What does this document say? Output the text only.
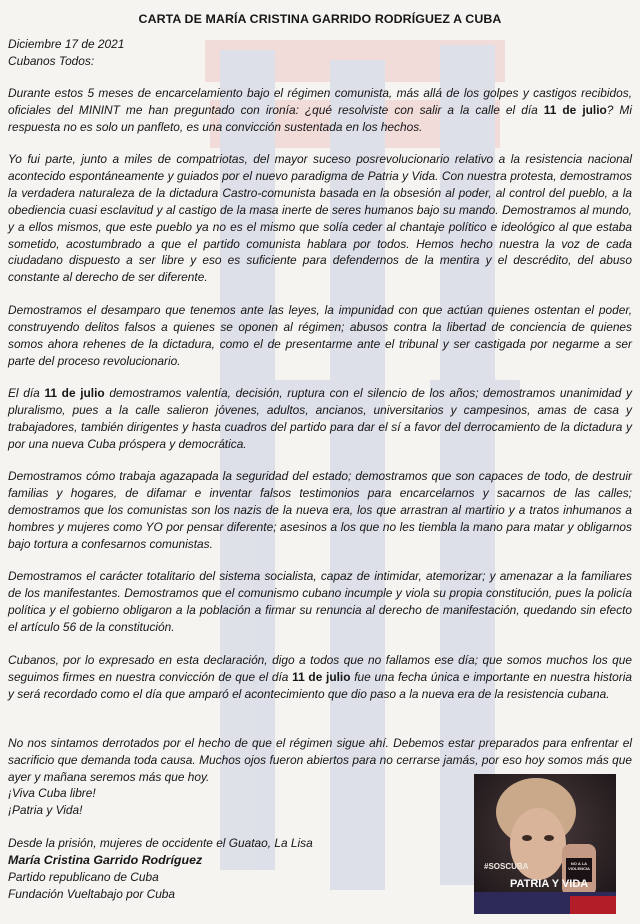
CARTA DE MARÍA CRISTINA GARRIDO RODRÍGUEZ A CUBA
Diciembre 17 de 2021
Cubanos Todos:

Durante estos 5 meses de encarcelamiento bajo el régimen comunista, más allá de los golpes y castigos recibidos, oficiales del MININT me han preguntado con ironía: ¿qué resolviste con salir a la calle el día 11 de julio? Mi respuesta no es solo un panfleto, es una convicción sustentada en los hechos.

Yo fui parte, junto a miles de compatriotas, del mayor suceso posrevolucionario relativo a la resistencia nacional acontecido espontáneamente y guiados por el nuevo paradigma de Patria y Vida. Con nuestra protesta, demostramos la verdadera naturaleza de la dictadura Castro-comunista basada en la obsesión al poder, al control del pueblo, a la obediencia cuasi esclavitud y al castigo de la masa inerte de seres humanos bajo su mando. Demostramos al mundo, y a ellos mismos, que este pueblo ya no es el mismo que solía ceder al chantaje político e ideológico al que estaba sometido, acostumbrado a que el partido comunista hablara por todos. Hemos hecho nuestra la voz de cada ciudadano dispuesto a ser libre y eso es suficiente para defendernos de la mentira y el descrédito, del abuso constante al derecho de ser diferente.

Demostramos el desamparo que tenemos ante las leyes, la impunidad con que actúan quienes ostentan el poder, construyendo delitos falsos a quienes se oponen al régimen; abusos contra la libertad de conciencia de quienes somos ahora rehenes de la dictadura, como el de presentarme ante el tribunal y ser castigada por negarme a ser parte del proceso revolucionario.

El día 11 de julio demostramos valentía, decisión, ruptura con el silencio de los años; demostramos unanimidad y pluralismo, pues a la calle salieron jóvenes, adultos, ancianos, universitarios y campesinos, amas de casa y trabajadores, también dirigentes y hasta cuadros del partido para dar el sí a favor del derrocamiento de la dictadura y por una nueva Cuba próspera y democrática.

Demostramos cómo trabaja agazapada la seguridad del estado; demostramos que son capaces de todo, de destruir familias y hogares, de difamar e inventar falsos testimonios para encarcelarnos y sacarnos de las calles; demostramos que los comunistas son los nazis de la nueva era, los que arrastran al martirio y a tratos inhumanos a hombres y mujeres como YO por pensar diferente; asesinos a los que no les tiembla la mano para matar y obligarnos bajo tortura a confesarnos comunistas.

Demostramos el carácter totalitario del sistema socialista, capaz de intimidar, atemorizar; y amenazar a la familiares de los manifestantes. Demostramos que el comunismo cubano incumple y viola su propia constitución, pues la policía política y el gobierno obligaron a la población a firmar su renuncia al derecho de manifestación, quedando sin efecto el artículo 56 de la constitución.

Cubanos, por lo expresado en esta declaración, digo a todos que no fallamos ese día; que somos muchos los que seguimos firmes en nuestra convicción de que el día 11 de julio fue una fecha única e importante en nuestra historia y será recordado como el día que amparó el acontecimiento que dio paso a la nueva era de la resistencia cubana.

No nos sintamos derrotados por el hecho de que el régimen sigue ahí. Debemos estar preparados para enfrentar el sacrificio que demanda toda causa. Muchos ojos fueron abiertos para no cerrarse jamás, por eso hoy somos más que ayer y mañana seremos más que hoy.

¡Viva Cuba libre!
¡Patria y Vida!
Desde la prisión, mujeres de occidente el Guatao, La Lisa
María Cristina Garrido Rodríguez
Partido republicano de Cuba
Fundación Vueltabajo por Cuba
#SOSCUBA	NO A LA VIOLENCIA
PATRIA Y VIDA
